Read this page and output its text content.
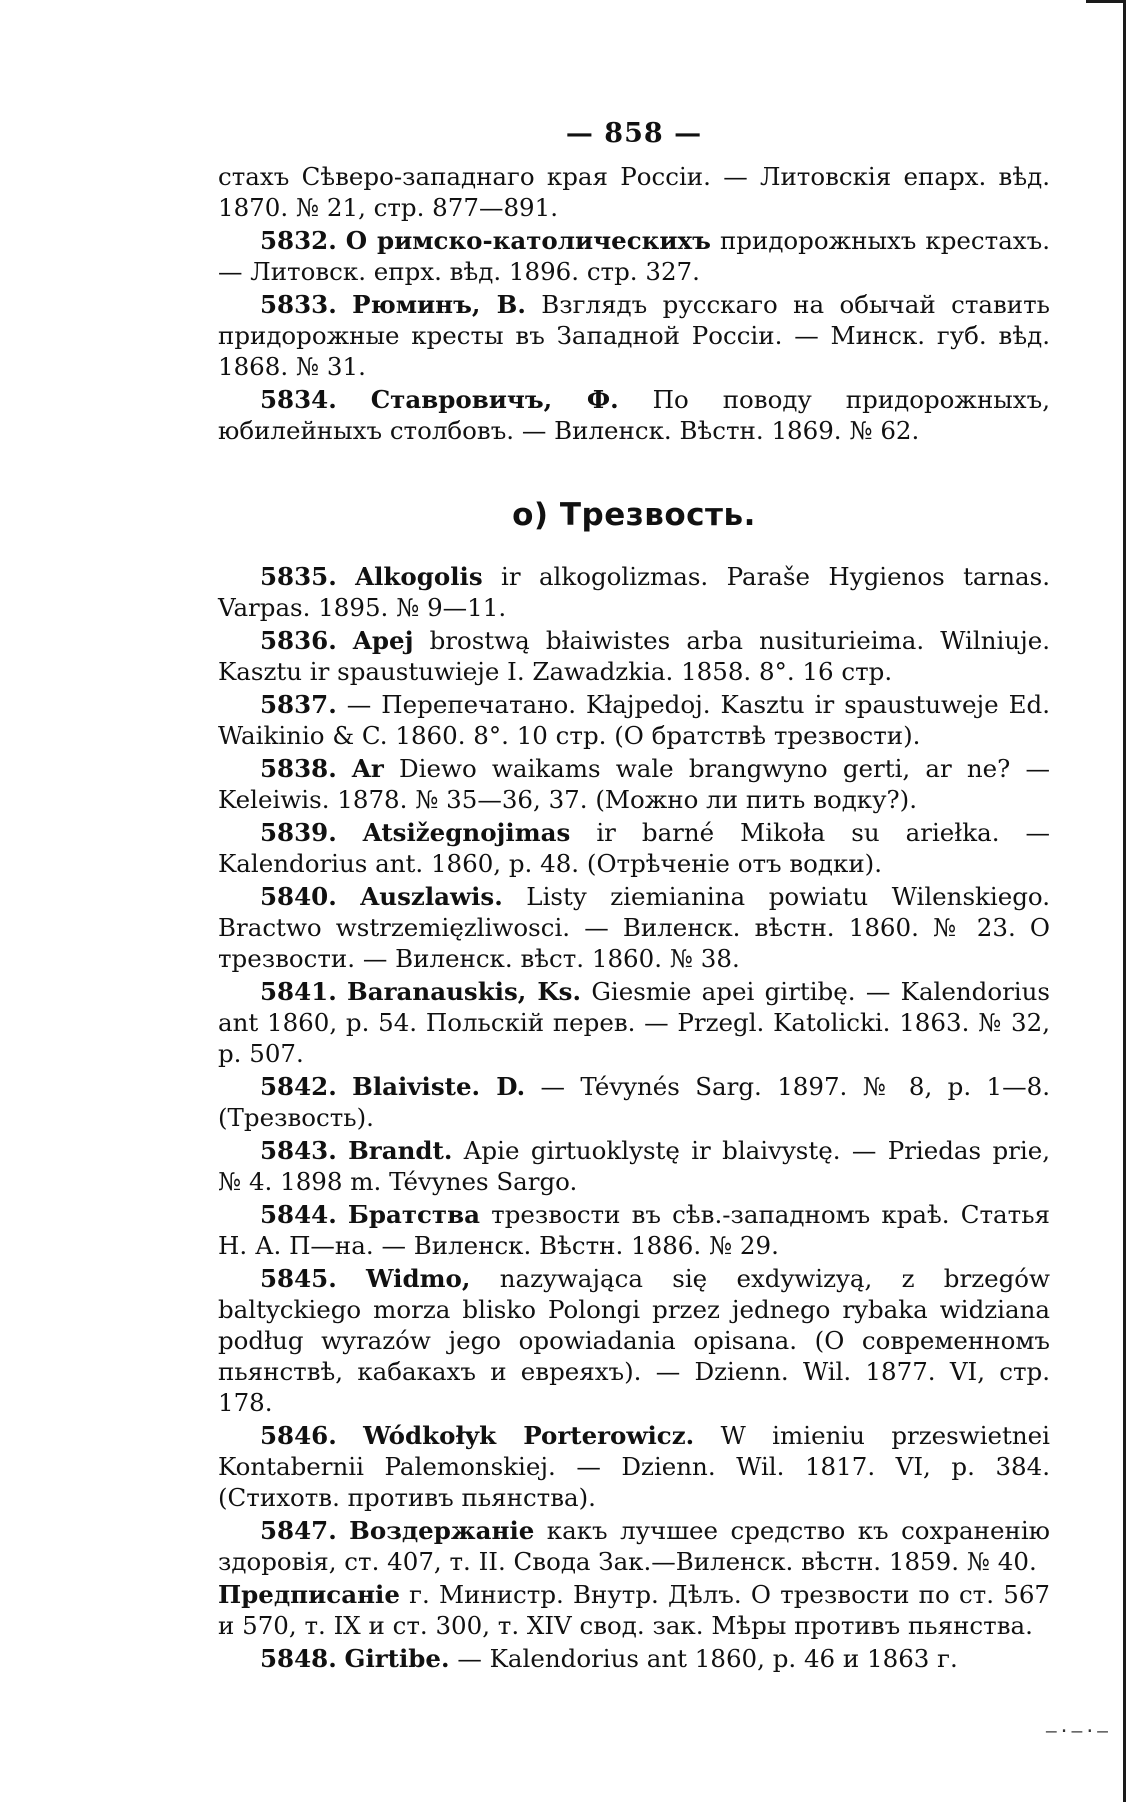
— 858 —

стахъ Сѣверо-западнаго края Россіи. — Литовскія епарх. вѣд. 1870. № 21, стр. 877—891.

5832. О римско-католическихъ придорожныхъ крестахъ. — Литовск. епрх. вѣд. 1896. стр. 327.

5833. Рюминъ, В. Взглядъ русскаго на обычай ставить придорожные кресты въ Западной Россіи. — Минск. губ. вѣд. 1868. № 31.

5834. Ставровичъ, Ф. По поводу придорожныхъ, юбилейныхъ столбовъ. — Виленск. Вѣстн. 1869. № 62.

о) Трезвость.

5835. Alkogolis ir alkogolizmas. Paraše Hygienos tarnas. Varpas. 1895. № 9—11.

5836. Apej brostwą błaiwistes arba nusiturieima. Wilniuje. Kasztu ir spaustuwieje I. Zawadzkia. 1858. 8°. 16 стр.

5837. — Перепечатано. Kłajpedoj. Kasztu ir spaustuweje Ed. Waikinio & C. 1860. 8°. 10 стр. (О братствѣ трезвости).

5838. Ar Diewo waikams wale brangwyno gerti, ar ne? — Keleiwis. 1878. № 35—36, 37. (Можно ли пить водку?).

5839. Atsižegnojimas ir barné Mikoła su ariełka. — Kalendorius ant. 1860, p. 48. (Отрѣченіе отъ водки).

5840. Auszlawis. Listy ziemianina powiatu Wilenskiego. Bractwo wstrzemięzliwosci. — Виленск. вѣстн. 1860. № 23. О трезвости. — Виленск. вѣст. 1860. № 38.

5841. Baranauskis, Ks. Giesmie apei girtibę. — Kalendorius ant 1860, p. 54. Польскій перев. — Przegl. Katolicki. 1863. № 32, p. 507.

5842. Blaiviste. D. — Tévynés Sarg. 1897. № 8, p. 1—8. (Трезвость).

5843. Brandt. Apie girtuoklystę ir blaivystę. — Priedas prie, № 4. 1898 m. Tévynes Sargo.

5844. Братства трезвости въ сѣв.-западномъ краѣ. Статья Н. А. П—на. — Виленск. Вѣстн. 1886. № 29.

5845. Widmo, nazywająca się exdywizyą, z brzegów baltyckiego morza blisko Polongi przez jednego rybaka widziana podług wyrazów jego opowiadania opisana. (О современномъ пьянствѣ, кабакахъ и евреяхъ). — Dzienn. Wil. 1877. VI, стр. 178.

5846. Wódkołyk Porterowicz. W imieniu przeswietnei Kontabernii Palemonskiej. — Dzienn. Wil. 1817. VI, p. 384. (Стихотв. противъ пьянства).

5847. Воздержаніе какъ лучшее средство къ сохраненію здоровія, ст. 407, т. II. Свода Зак.—Виленск. вѣстн. 1859. № 40.

Предписаніе г. Министр. Внутр. Дѣлъ. О трезвости по ст. 567 и 570, т. IX и ст. 300, т. XIV свод. зак. Мѣры противъ пьянства.

5848. Girtibe. — Kalendorius ant 1860, p. 46 и 1863 г.

—·—·—
